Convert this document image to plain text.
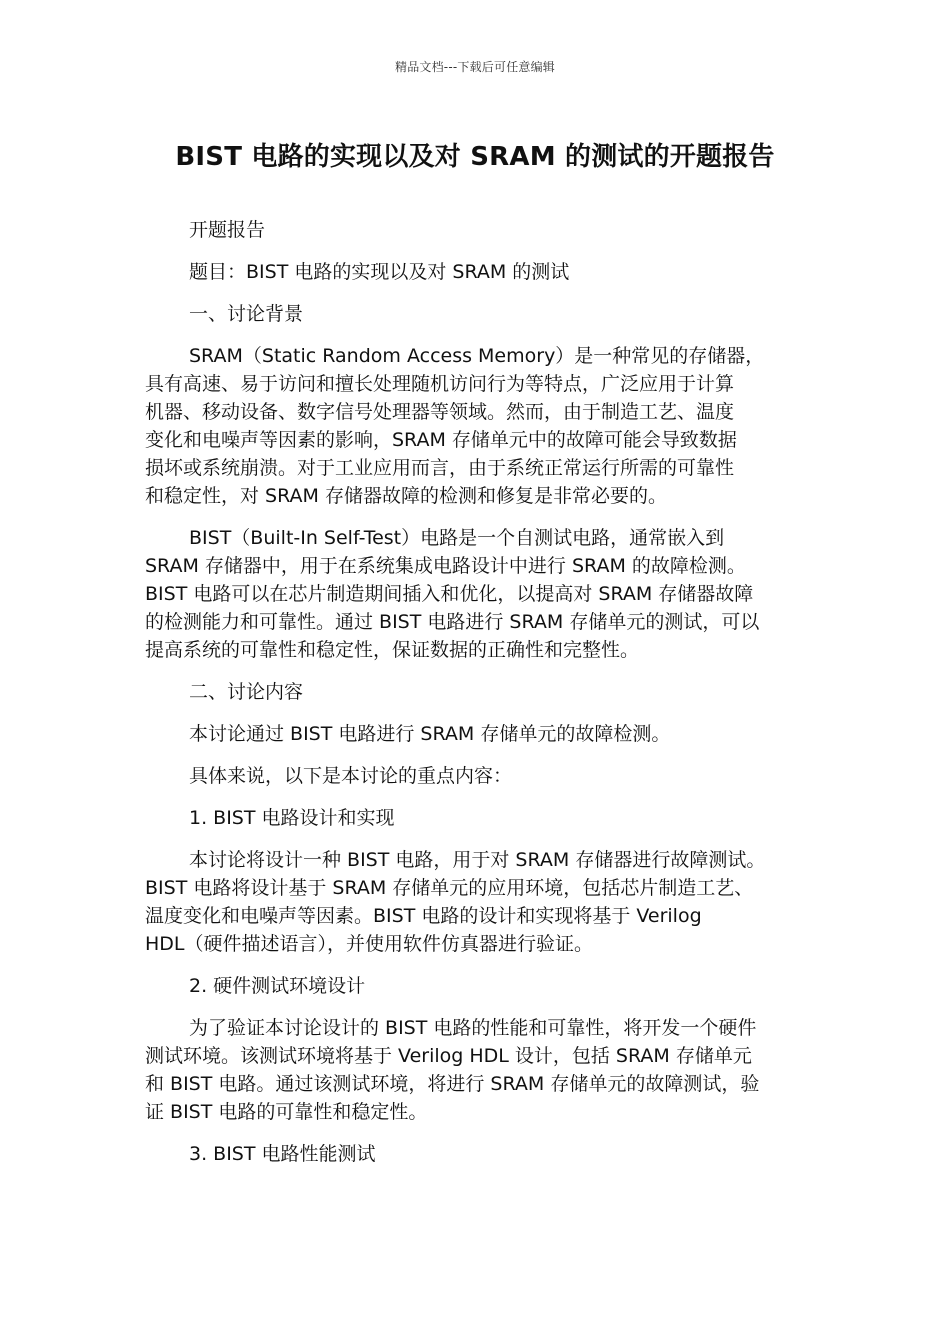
精品文档---下载后可任意编辑
BIST 电路的实现以及对 SRAM 的测试的开题报告

开题报告

题目：BIST 电路的实现以及对 SRAM 的测试

一、讨论背景

SRAM（Static Random Access Memory）是一种常见的存储器，

具有高速、易于访问和擅长处理随机访问行为等特点，广泛应用于计算

机器、移动设备、数字信号处理器等领域。然而，由于制造工艺、温度

变化和电噪声等因素的影响，SRAM 存储单元中的故障可能会导致数据

损坏或系统崩溃。对于工业应用而言，由于系统正常运行所需的可靠性

和稳定性，对 SRAM 存储器故障的检测和修复是非常必要的。

BIST（Built-In Self-Test）电路是一个自测试电路，通常嵌入到

SRAM 存储器中，用于在系统集成电路设计中进行 SRAM 的故障检测。

BIST 电路可以在芯片制造期间插入和优化，以提高对 SRAM 存储器故障

的检测能力和可靠性。通过 BIST 电路进行 SRAM 存储单元的测试，可以

提高系统的可靠性和稳定性，保证数据的正确性和完整性。

二、讨论内容

本讨论通过 BIST 电路进行 SRAM 存储单元的故障检测。

具体来说，以下是本讨论的重点内容：

1. BIST 电路设计和实现

本讨论将设计一种 BIST 电路，用于对 SRAM 存储器进行故障测试。

BIST 电路将设计基于 SRAM 存储单元的应用环境，包括芯片制造工艺、

温度变化和电噪声等因素。BIST 电路的设计和实现将基于 Verilog

HDL（硬件描述语言），并使用软件仿真器进行验证。

2. 硬件测试环境设计

为了验证本讨论设计的 BIST 电路的性能和可靠性，将开发一个硬件

测试环境。该测试环境将基于 Verilog HDL 设计，包括 SRAM 存储单元

和 BIST 电路。通过该测试环境，将进行 SRAM 存储单元的故障测试，验

证 BIST 电路的可靠性和稳定性。

3. BIST 电路性能测试
